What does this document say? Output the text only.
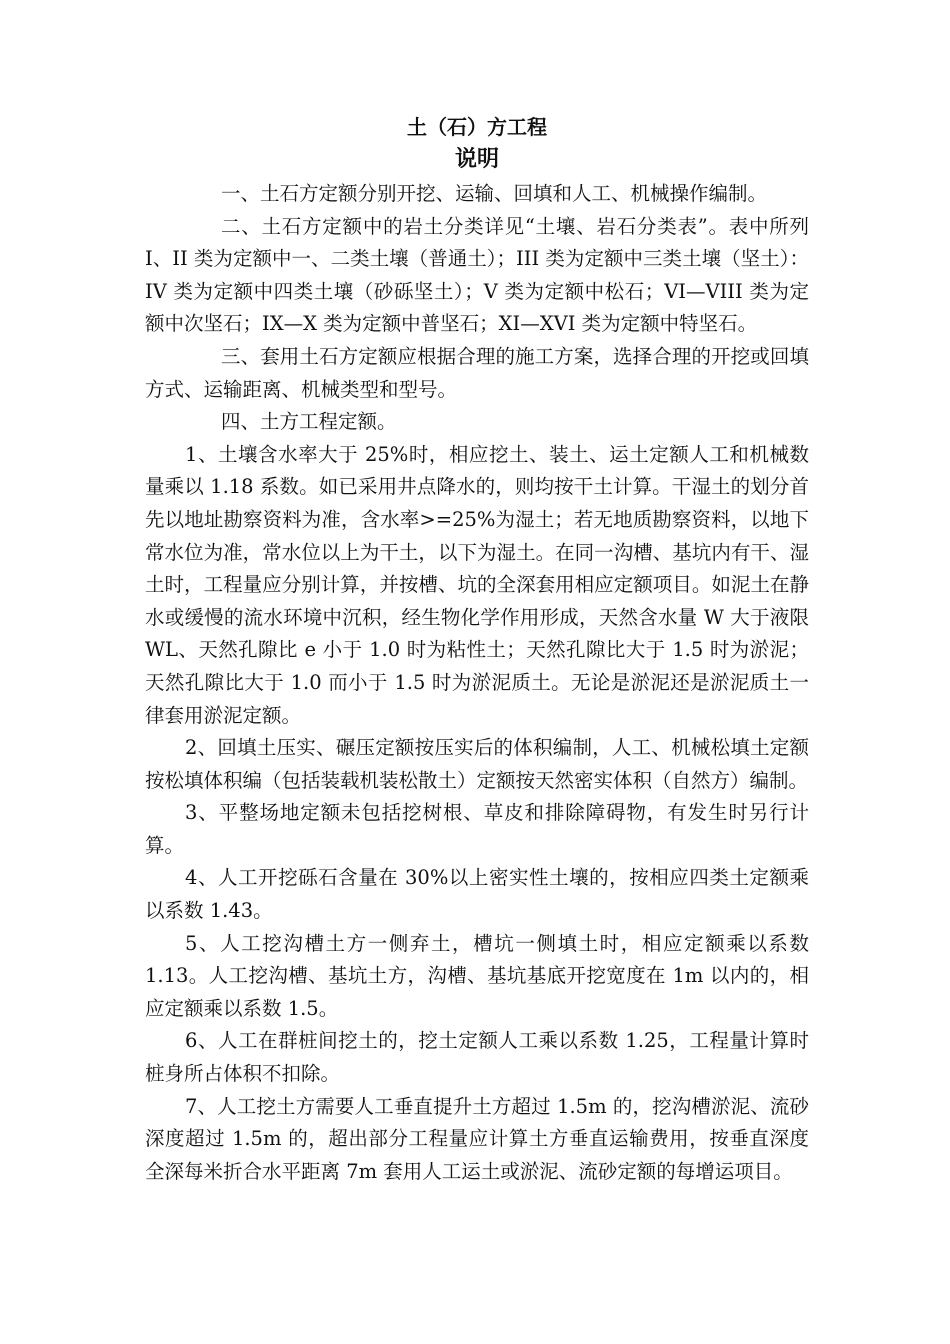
土（石）方工程
说明

一、土石方定额分别开挖、运输、回填和人工、机械操作编制。

二、土石方定额中的岩土分类详见“土壤、岩石分类表”。表中所列 I、II 类为定额中一、二类土壤（普通土）；III 类为定额中三类土壤（坚土）：IV 类为定额中四类土壤（砂砾坚土）；V 类为定额中松石；VI—VIII 类为定额中次坚石；IX—X 类为定额中普坚石；XI—XVI 类为定额中特坚石。

三、套用土石方定额应根据合理的施工方案，选择合理的开挖或回填方式、运输距离、机械类型和型号。

四、土方工程定额。

1、土壤含水率大于 25%时，相应挖土、装土、运土定额人工和机械数量乘以 1.18 系数。如已采用井点降水的，则均按干土计算。干湿土的划分首先以地址勘察资料为准，含水率>=25%为湿土；若无地质勘察资料，以地下常水位为准，常水位以上为干土，以下为湿土。在同一沟槽、基坑内有干、湿土时，工程量应分别计算，并按槽、坑的全深套用相应定额项目。如泥土在静水或缓慢的流水环境中沉积，经生物化学作用形成，天然含水量 W 大于液限 WL、天然孔隙比 e 小于 1.0 时为粘性土；天然孔隙比大于 1.5 时为淤泥；天然孔隙比大于 1.0 而小于 1.5 时为淤泥质土。无论是淤泥还是淤泥质土一律套用淤泥定额。

2、回填土压实、碾压定额按压实后的体积编制，人工、机械松填土定额按松填体积编（包括装载机装松散土）定额按天然密实体积（自然方）编制。

3、平整场地定额未包括挖树根、草皮和排除障碍物，有发生时另行计算。

4、人工开挖砾石含量在 30%以上密实性土壤的，按相应四类土定额乘以系数 1.43。

5、人工挖沟槽土方一侧弃土，槽坑一侧填土时，相应定额乘以系数 1.13。人工挖沟槽、基坑土方，沟槽、基坑基底开挖宽度在 1m 以内的，相应定额乘以系数 1.5。

6、人工在群桩间挖土的，挖土定额人工乘以系数 1.25，工程量计算时桩身所占体积不扣除。

7、人工挖土方需要人工垂直提升土方超过 1.5m 的，挖沟槽淤泥、流砂深度超过 1.5m 的，超出部分工程量应计算土方垂直运输费用，按垂直深度全深每米折合水平距离 7m 套用人工运土或淤泥、流砂定额的每增运项目。
